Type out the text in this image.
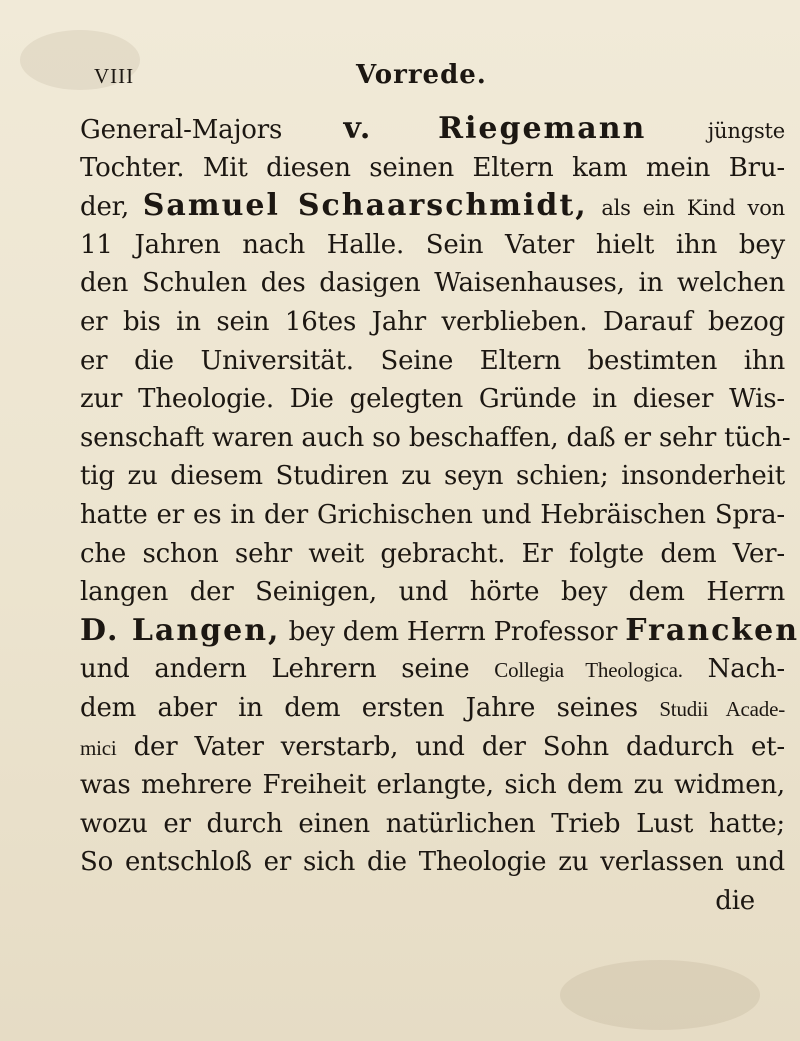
VIII	Vorrede.
General-Majors v. Riegemann	jüngste
Tochter. Mit diesen seinen Eltern kam mein Bru-
der, Samuel Schaarschmidt, als ein Kind von
11 Jahren nach Halle. Sein Vater hielt ihn bey
den Schulen des dasigen Waisenhauses, in welchen
er bis in sein 16tes Jahr verblieben. Darauf bezog
er die Universität. Seine Eltern bestimten ihn
zur Theologie. Die gelegten Gründe in dieser Wis-
senschaft waren auch so beschaffen, daß er sehr tüch-
tig zu diesem Studiren zu seyn schien; insonderheit
hatte er es in der Grichischen und Hebräischen Spra-
che schon sehr weit gebracht. Er folgte dem Ver-
langen der Seinigen, und hörte bey dem Herrn
D. Langen, bey dem Herrn Professor Francken
und andern Lehrern seine Collegia Theologica. Nach-
dem aber in dem ersten Jahre seines Studii Acade-
mici der Vater verstarb, und der Sohn dadurch et-
was mehrere Freiheit erlangte, sich dem zu widmen,
wozu er durch einen natürlichen Trieb Lust hatte;
So entschloß er sich die Theologie zu verlassen und
die
